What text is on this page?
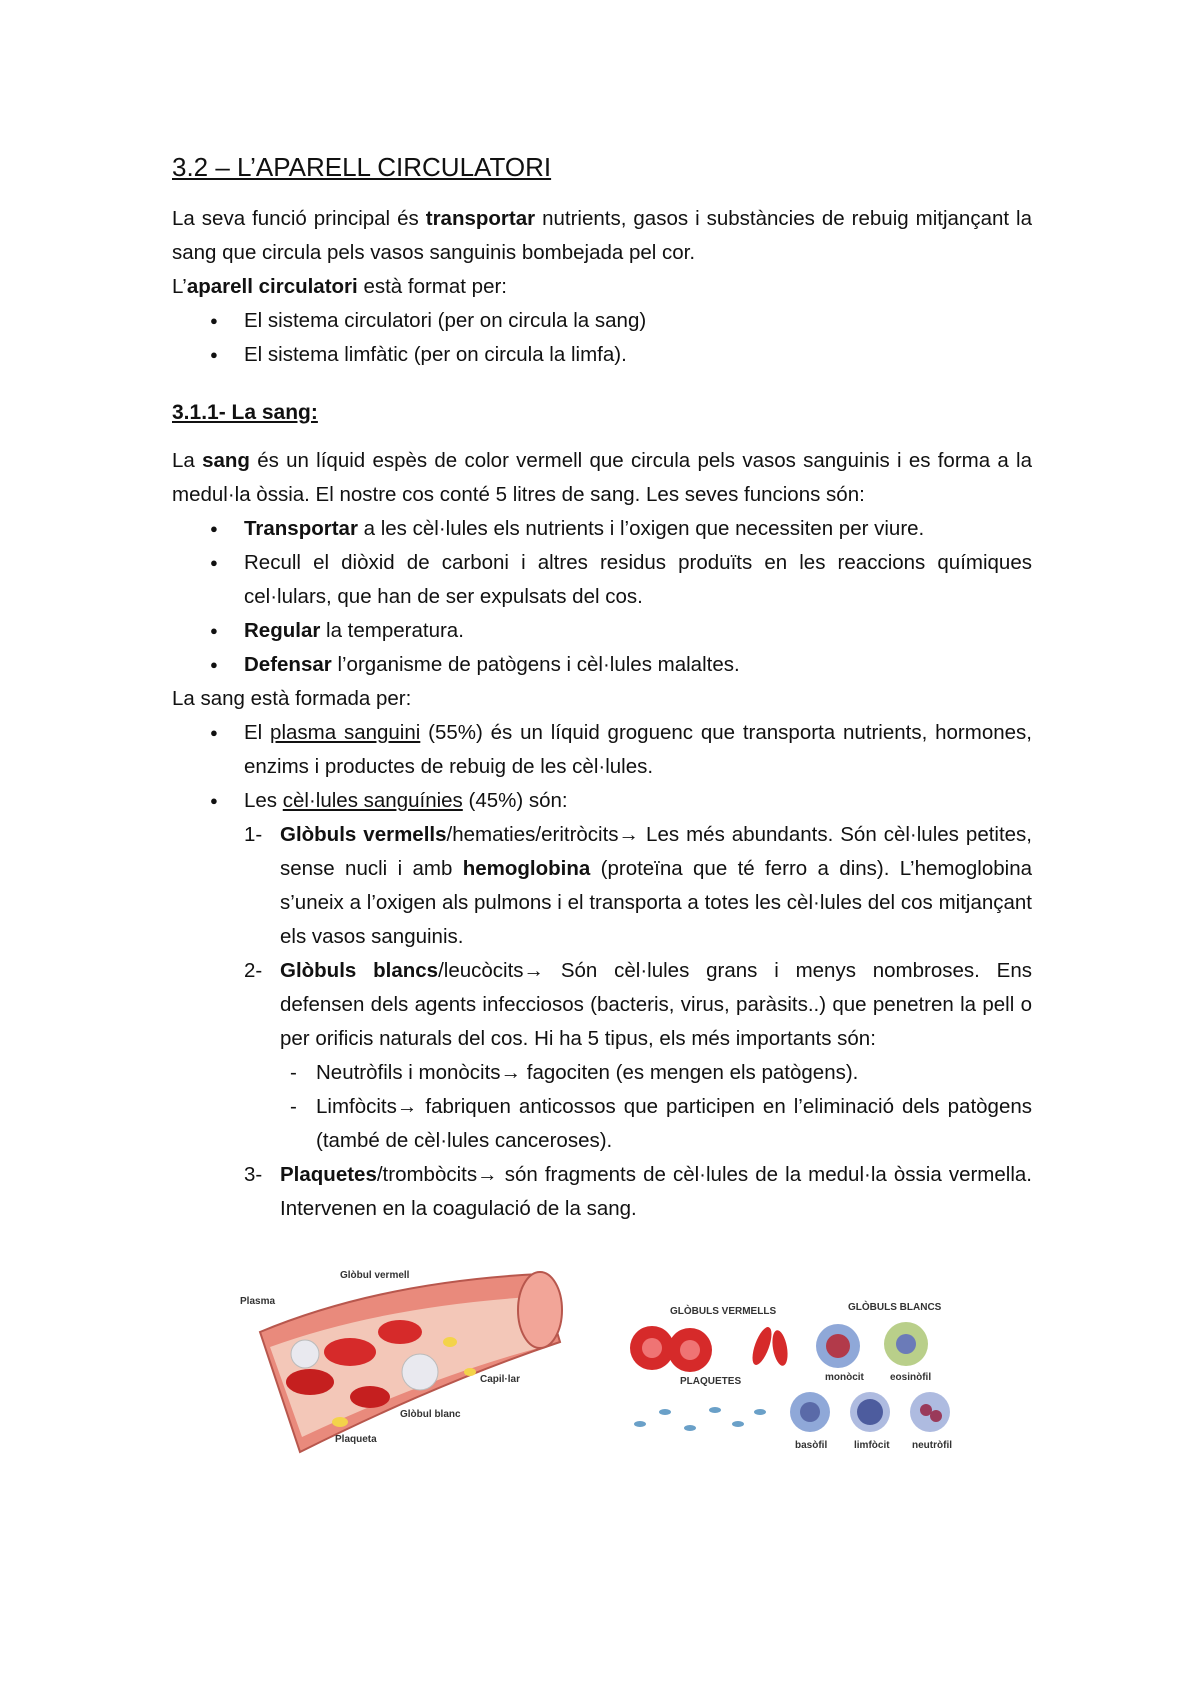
3.2 – L’APARELL CIRCULATORI

La seva funció principal és transportar nutrients, gasos i substàncies de rebuig mitjançant la sang que circula pels vasos sanguinis bombejada pel cor.

L’aparell circulatori està format per:

● El sistema circulatori (per on circula la sang)
● El sistema limfàtic (per on circula la limfa).
3.1.1- La sang:

La sang és un líquid espès de color vermell que circula pels vasos sanguinis i es forma a la medul·la òssia. El nostre cos conté 5 litres de sang. Les seves funcions són:

● Transportar a les cèl·lules els nutrients i l’oxigen que necessiten per viure.
● Recull el diòxid de carboni i altres residus produïts en les reaccions químiques cel·lulars, que han de ser expulsats del cos.
● Regular la temperatura.
● Defensar l’organisme de patògens i cèl·lules malaltes.

La sang està formada per:

● El plasma sanguini (55%) és un líquid groguenc que transporta nutrients, hormones, enzims i productes de rebuig de les cèl·lules.
● Les cèl·lules sanguínies (45%) són:
1- Glòbuls vermells/hematies/eritròcits→ Les més abundants. Són cèl·lules petites, sense nucli i amb hemoglobina (proteïna que té ferro a dins). L’hemoglobina s’uneix a l’oxigen als pulmons i el transporta a totes les cèl·lules del cos mitjançant els vasos sanguinis.
2- Glòbuls blancs/leucòcits→ Són cèl·lules grans i menys nombroses. Ens defensen dels agents infecciosos (bacteris, virus, paràsits..) que penetren la pell o per orificis naturals del cos. Hi ha 5 tipus, els més importants són:
- Neutròfils i monòcits→ fagociten (es mengen els patògens).
- Limfòcits→ fabriquen anticossos que participen en l’eliminació dels patògens (també de cèl·lules canceroses).
3- Plaquetes/trombòcits→ són fragments de cèl·lules de la medul·la òssia vermella. Intervenen en la coagulació de la sang.
Plasma
Glòbul vermell
Capil·lar
Glòbul blanc
Plaqueta
GLÒBULS VERMELLS	GLÒBULS BLANCS
monòcit	eosinòfil
PLAQUETES
basòfil	limfòcit neutròfil
